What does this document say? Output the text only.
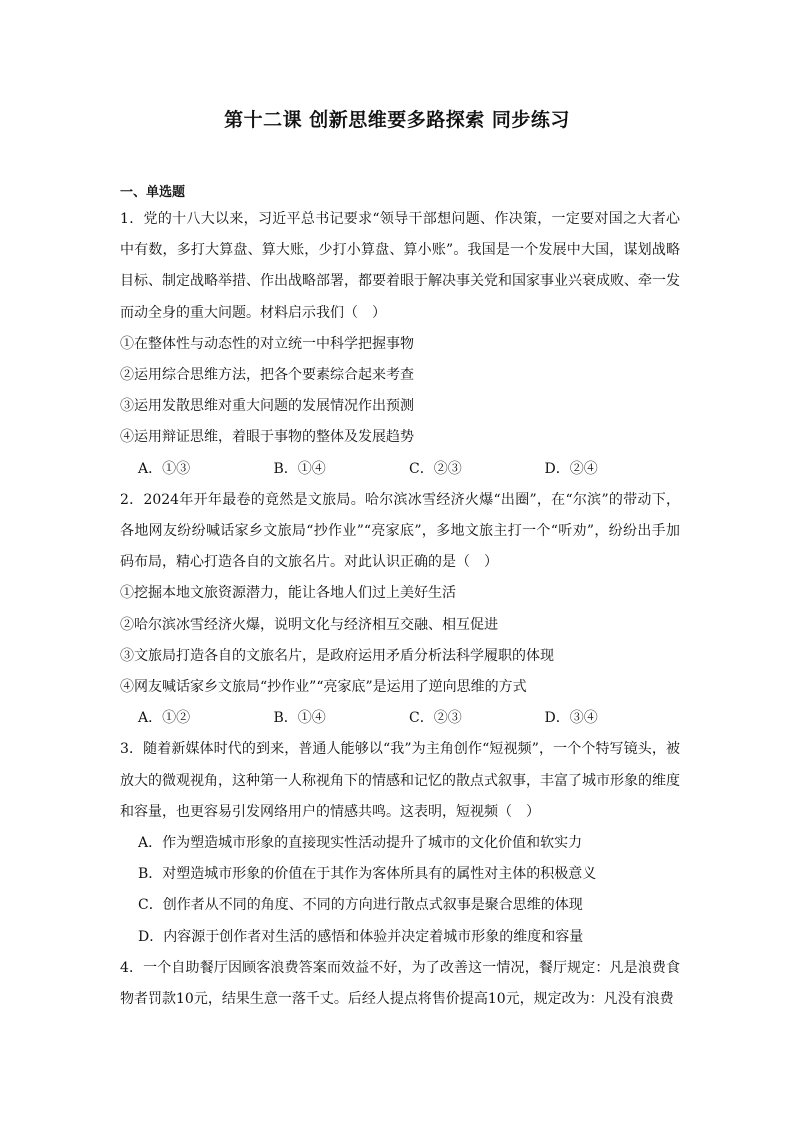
第十二课 创新思维要多路探索 同步练习
一、单选题

1．党的十八大以来，习近平总书记要求“领导干部想问题、作决策，一定要对国之大者心中有数，多打大算盘、算大账，少打小算盘、算小账”。我国是一个发展中大国，谋划战略目标、制定战略举措、作出战略部署，都要着眼于解决事关党和国家事业兴衰成败、牵一发而动全身的重大问题。材料启示我们（　）

①在整体性与动态性的对立统一中科学把握事物

②运用综合思维方法，把各个要素综合起来考查

③运用发散思维对重大问题的发展情况作出预测

④运用辩证思维，着眼于事物的整体及发展趋势

A．①③	B．①④	C．②③	D．②④

2．2024年开年最卷的竟然是文旅局。哈尔滨冰雪经济火爆“出圈”，在“尔滨”的带动下，各地网友纷纷喊话家乡文旅局“抄作业”“亮家底”，多地文旅主打一个“听劝”，纷纷出手加码布局，精心打造各自的文旅名片。对此认识正确的是（　）

①挖掘本地文旅资源潜力，能让各地人们过上美好生活

②哈尔滨冰雪经济火爆，说明文化与经济相互交融、相互促进

③文旅局打造各自的文旅名片，是政府运用矛盾分析法科学履职的体现

④网友喊话家乡文旅局“抄作业”“亮家底”是运用了逆向思维的方式

A．①②	B．①④	C．②③	D．③④

3．随着新媒体时代的到来，普通人能够以“我”为主角创作“短视频”，一个个特写镜头，被放大的微观视角，这种第一人称视角下的情感和记忆的散点式叙事，丰富了城市形象的维度和容量，也更容易引发网络用户的情感共鸣。这表明，短视频（　）

A．作为塑造城市形象的直接现实性活动提升了城市的文化价值和软实力

B．对塑造城市形象的价值在于其作为客体所具有的属性对主体的积极意义

C．创作者从不同的角度、不同的方向进行散点式叙事是聚合思维的体现

D．内容源于创作者对生活的感悟和体验并决定着城市形象的维度和容量

4．一个自助餐厅因顾客浪费答案而效益不好，为了改善这一情况，餐厅规定：凡是浪费食物者罚款10元，结果生意一落千丈。后经人提点将售价提高10元，规定改为：凡没有浪费
